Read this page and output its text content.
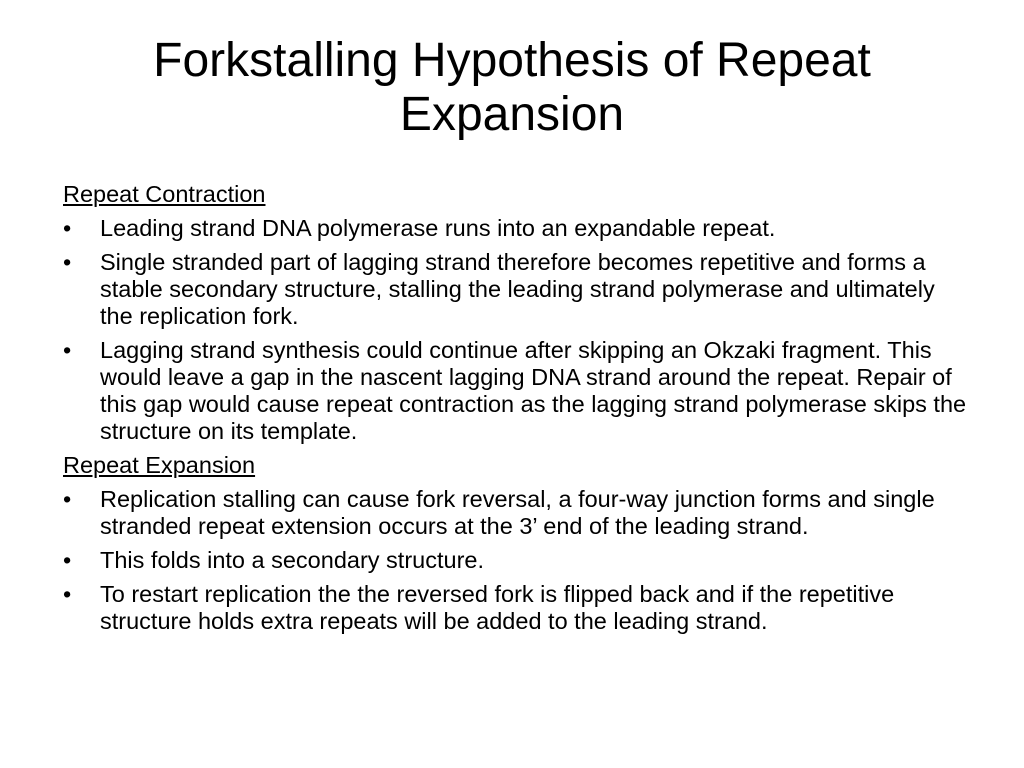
Forkstalling Hypothesis of Repeat Expansion
Repeat Contraction
•	Leading strand DNA polymerase runs into an expandable repeat.
•	Single stranded part of lagging strand therefore becomes repetitive and forms a stable secondary structure, stalling the leading strand polymerase and ultimately the replication fork.
•	Lagging strand synthesis could continue after skipping an Okzaki fragment. This would leave a gap in the nascent lagging DNA strand around the repeat. Repair of this gap would cause repeat contraction as the lagging strand polymerase skips the structure on its template.
Repeat Expansion
•	Replication stalling can cause fork reversal, a four-way junction forms and single stranded repeat extension occurs at the 3’ end of the leading strand.
•	This folds into a secondary structure.
•	To restart replication the the reversed fork is flipped back and if the repetitive structure holds extra repeats will be added to the leading strand.
